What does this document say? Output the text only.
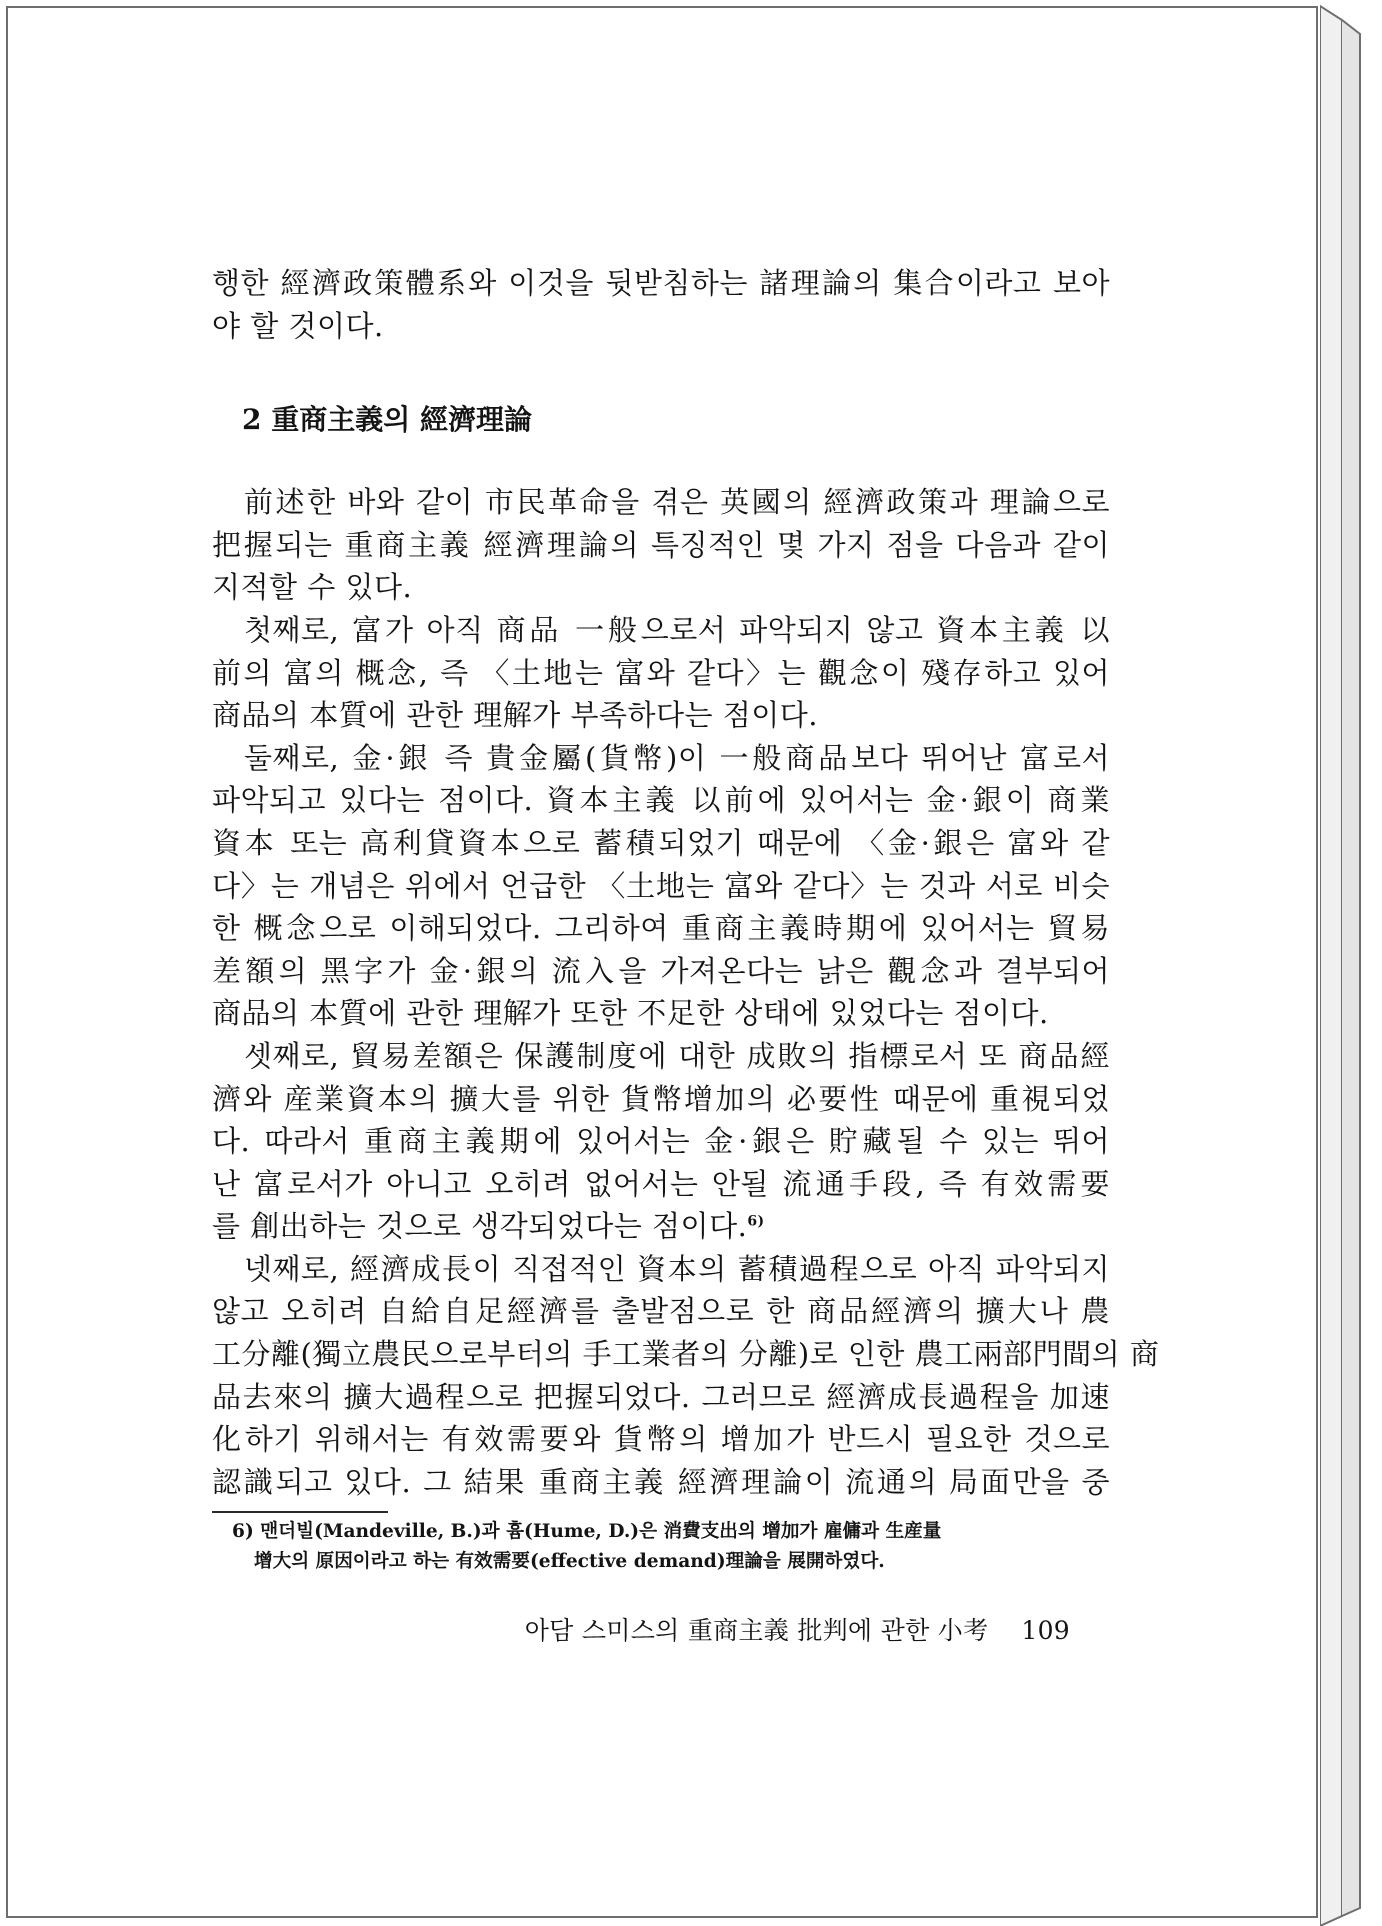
행한 經濟政策體系와 이것을 뒷받침하는 諸理論의 集合이라고 보아
야 할 것이다.
2 重商主義의 經濟理論
前述한 바와 같이 市民革命을 겪은 英國의 經濟政策과 理論으로
把握되는 重商主義 經濟理論의 특징적인 몇 가지 점을 다음과 같이
지적할 수 있다.
첫째로, 富가 아직 商品 一般으로서 파악되지 않고 資本主義 以
前의 富의 概念, 즉 〈土地는 富와 같다〉는 觀念이 殘存하고 있어
商品의 本質에 관한 理解가 부족하다는 점이다.
둘째로, 金·銀 즉 貴金屬(貨幣)이 一般商品보다 뛰어난 富로서
파악되고 있다는 점이다. 資本主義 以前에 있어서는 金·銀이 商業
資本 또는 高利貸資本으로 蓄積되었기 때문에 〈金·銀은 富와 같
다〉는 개념은 위에서 언급한 〈土地는 富와 같다〉는 것과 서로 비슷
한 概念으로 이해되었다. 그리하여 重商主義時期에 있어서는 貿易
差額의 黑字가 金·銀의 流入을 가져온다는 낡은 觀念과 결부되어
商品의 本質에 관한 理解가 또한 不足한 상태에 있었다는 점이다.
셋째로, 貿易差額은 保護制度에 대한 成敗의 指標로서 또 商品經
濟와 産業資本의 擴大를 위한 貨幣增加의 必要性 때문에 重視되었
다. 따라서 重商主義期에 있어서는 金·銀은 貯藏될 수 있는 뛰어
난 富로서가 아니고 오히려 없어서는 안될 流通手段, 즉 有效需要
를 創出하는 것으로 생각되었다는 점이다.$^{6)}$
넷째로, 經濟成長이 직접적인 資本의 蓄積過程으로 아직 파악되지
않고 오히려 自給自足經濟를 출발점으로 한 商品經濟의 擴大나 農
工分離(獨立農民으로부터의 手工業者의 分離)로 인한 農工兩部門間의 商
品去來의 擴大過程으로 把握되었다. 그러므로 經濟成長過程을 加速
化하기 위해서는 有效需要와 貨幣의 增加가 반드시 필요한 것으로
認識되고 있다. 그 結果 重商主義 經濟理論이 流通의 局面만을 중
6) 맨더빌(Mandeville, B.)과 흄(Hume, D.)은 消費支出의 增加가 雇傭과 生産量
增大의 原因이라고 하는 有效需要(effective demand)理論을 展開하였다.
아담 스미스의 重商主義 批判에 관한 小考 109
